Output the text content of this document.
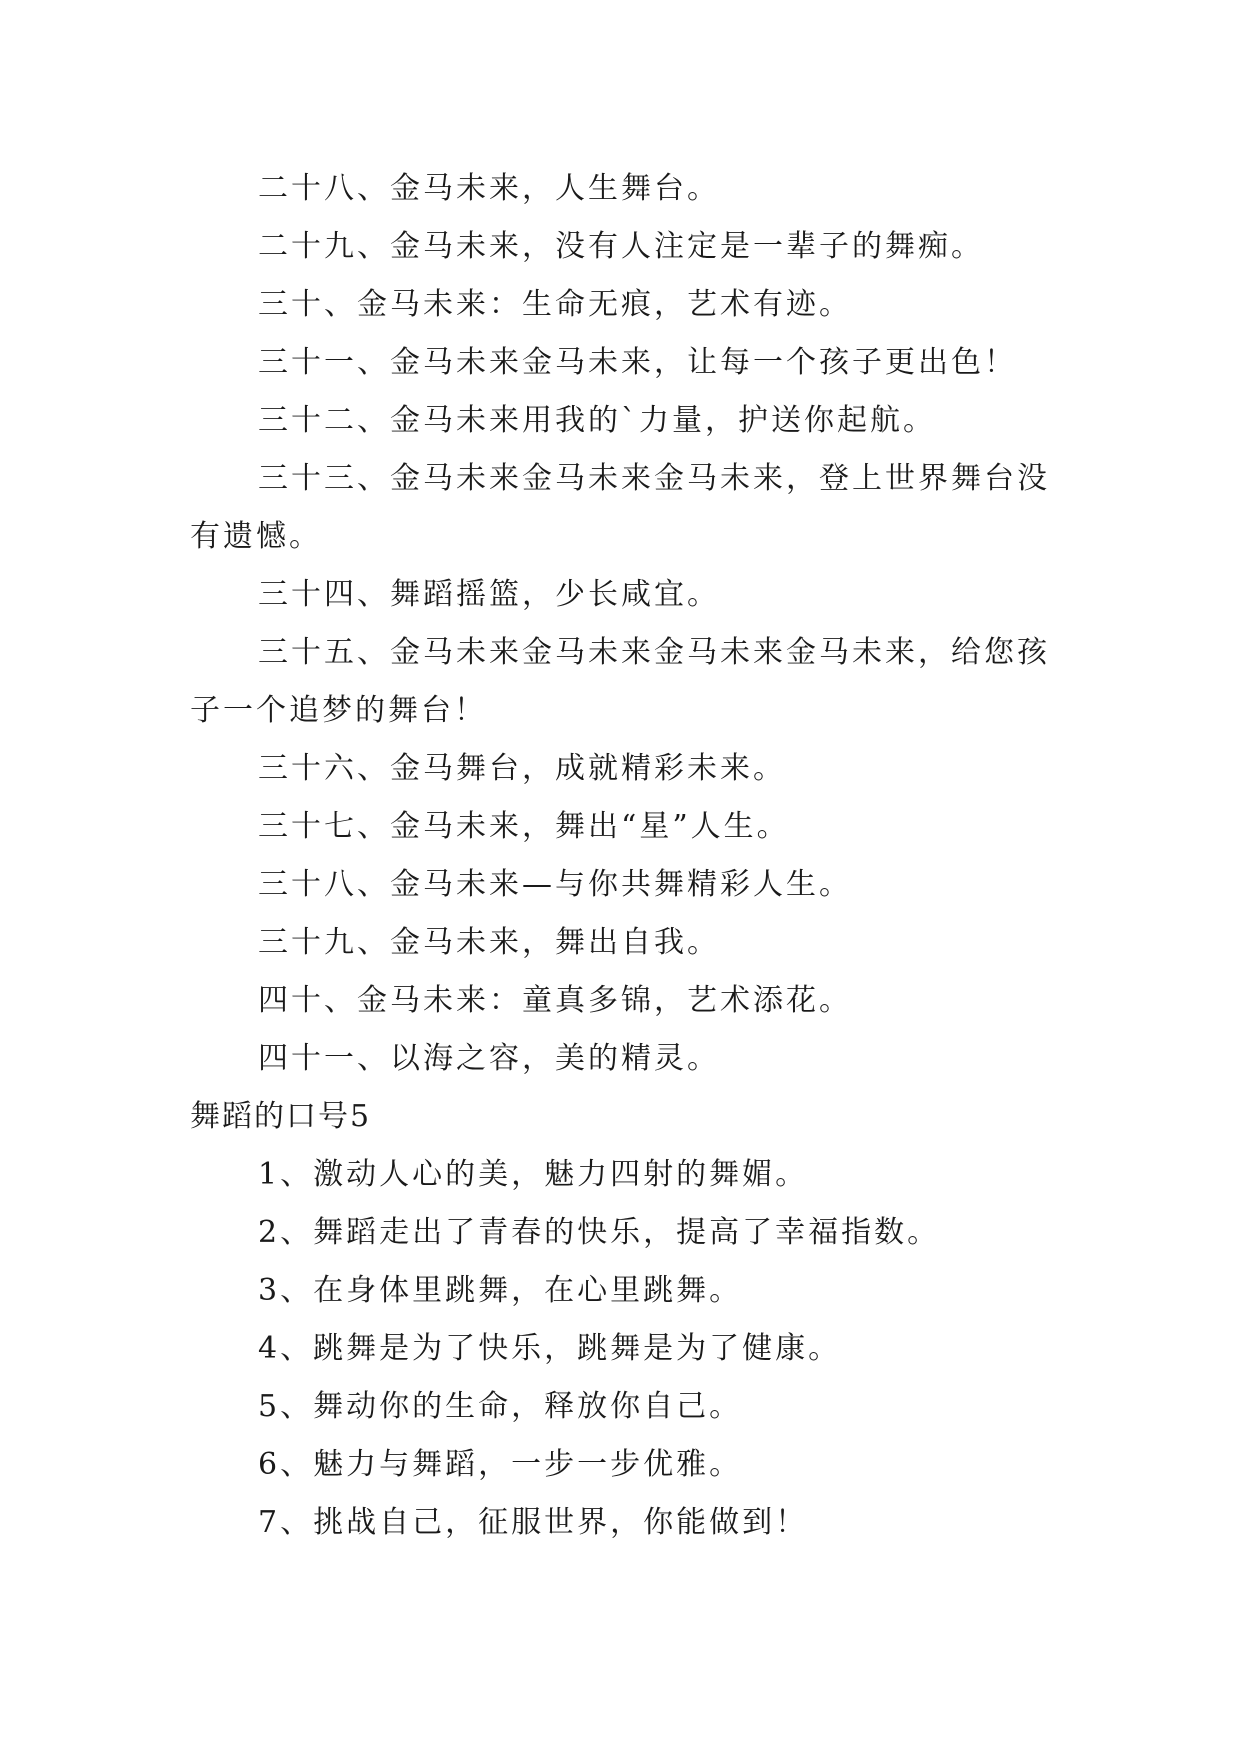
二十八、金马未来，人生舞台。
二十九、金马未来，没有人注定是一辈子的舞痴。
三十、金马未来：生命无痕，艺术有迹。
三十一、金马未来金马未来，让每一个孩子更出色！
三十二、金马未来用我的`力量，护送你起航。
三十三、金马未来金马未来金马未来，登上世界舞台没
有遗憾。
三十四、舞蹈摇篮，少长咸宜。
三十五、金马未来金马未来金马未来金马未来，给您孩
子一个追梦的舞台！
三十六、金马舞台，成就精彩未来。
三十七、金马未来，舞出“星”人生。
三十八、金马未来—与你共舞精彩人生。
三十九、金马未来，舞出自我。
四十、金马未来：童真多锦，艺术添花。
四十一、以海之容，美的精灵。
舞蹈的口号5
1、激动人心的美，魅力四射的舞媚。
2、舞蹈走出了青春的快乐，提高了幸福指数。
3、在身体里跳舞，在心里跳舞。
4、跳舞是为了快乐，跳舞是为了健康。
5、舞动你的生命，释放你自己。
6、魅力与舞蹈，一步一步优雅。
7、挑战自己，征服世界，你能做到！
